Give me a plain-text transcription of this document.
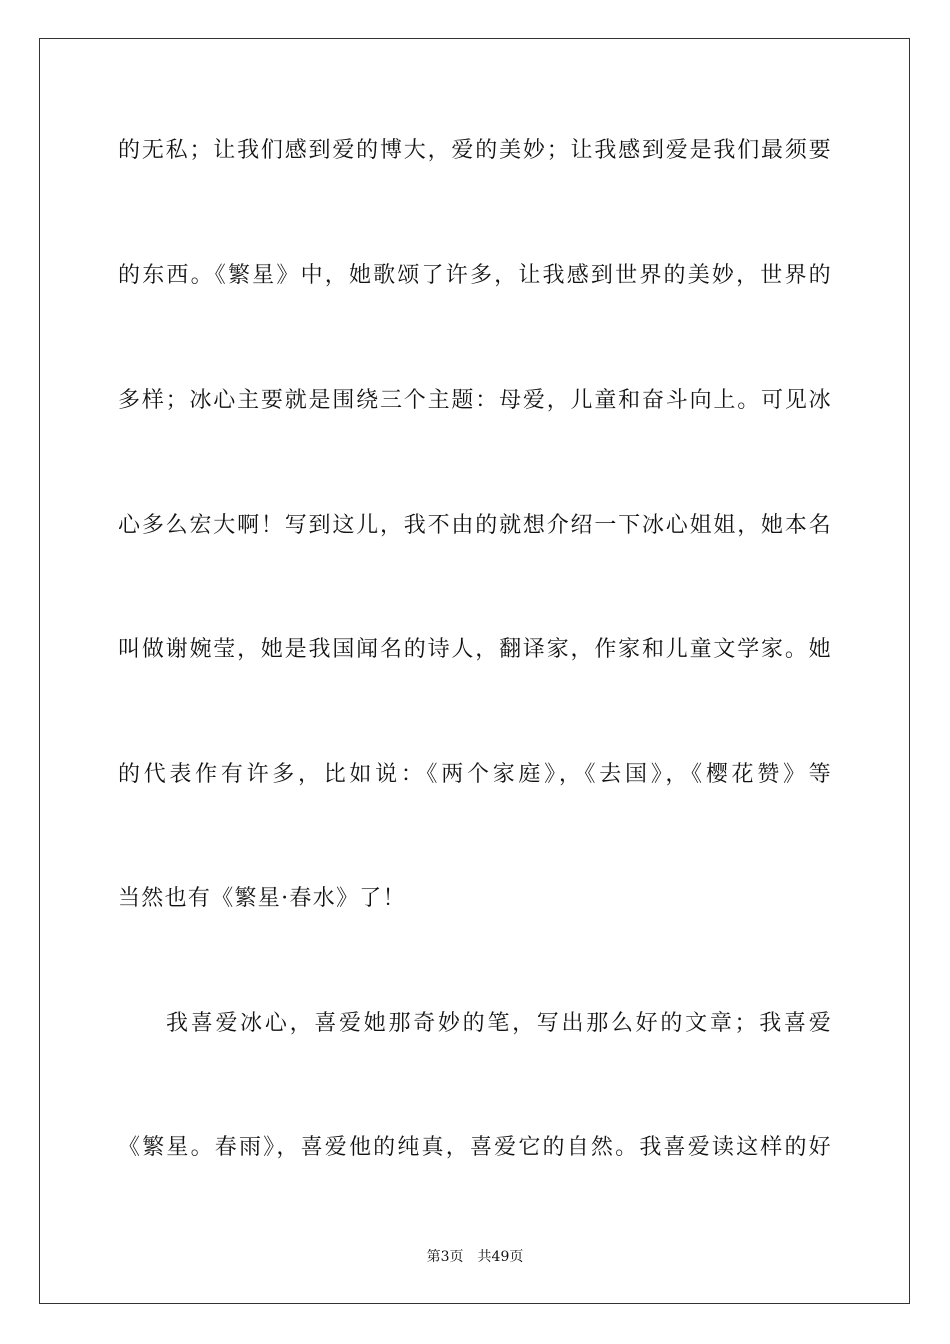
的无私；让我们感到爱的博大，爱的美妙；让我感到爱是我们最须要
的东西。《繁星》中，她歌颂了许多，让我感到世界的美妙，世界的
多样；冰心主要就是围绕三个主题：母爱，儿童和奋斗向上。可见冰
心多么宏大啊！写到这儿，我不由的就想介绍一下冰心姐姐，她本名
叫做谢婉莹，她是我国闻名的诗人，翻译家，作家和儿童文学家。她
的代表作有许多，比如说：《两个家庭》，《去国》，《樱花赞》等
当然也有《繁星·春水》了！
我喜爱冰心，喜爱她那奇妙的笔，写出那么好的文章；我喜爱
《繁星。春雨》，喜爱他的纯真，喜爱它的自然。我喜爱读这样的好
第3页 共49页
